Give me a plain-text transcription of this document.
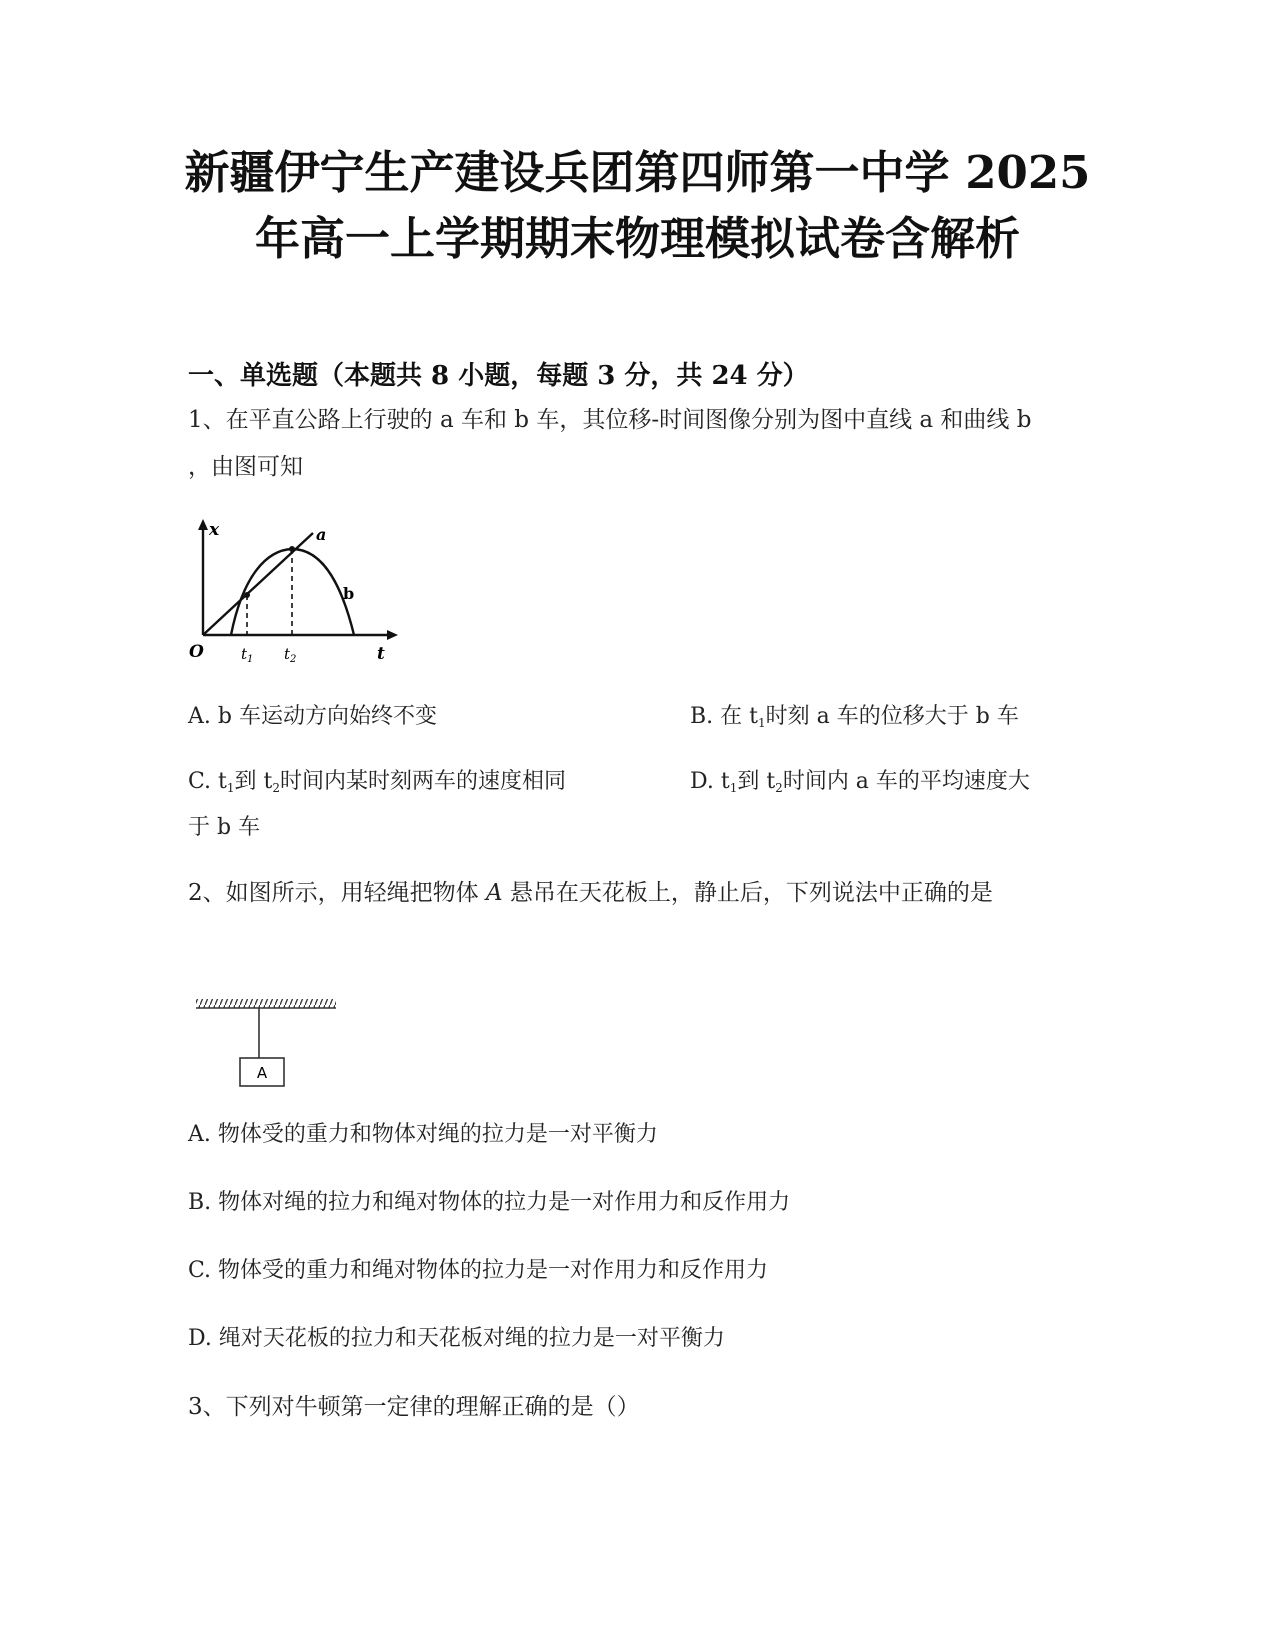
新疆伊宁生产建设兵团第四师第一中学 2025
年高一上学期期末物理模拟试卷含解析
一、单选题（本题共 8 小题，每题 3 分，共 24 分）
1、在平直公路上行驶的 a 车和 b 车，其位移-时间图像分别为图中直线 a 和曲线 b
，由图可知
x	a
b
O $t_1$ $t_2$	t
A. b 车运动方向始终不变	B. 在 $t_1$时刻 a 车的位移大于 b 车
C. $t_1$到 $t_2$时间内某时刻两车的速度相同	D. $t_1$到 $t_2$时间内 a 车的平均速度大
于 b 车
2、如图所示，用轻绳把物体 A 悬吊在天花板上，静止后，下列说法中正确的是
A
A. 物体受的重力和物体对绳的拉力是一对平衡力
B. 物体对绳的拉力和绳对物体的拉力是一对作用力和反作用力
C. 物体受的重力和绳对物体的拉力是一对作用力和反作用力
D. 绳对天花板的拉力和天花板对绳的拉力是一对平衡力
3、下列对牛顿第一定律的理解正确的是（）
